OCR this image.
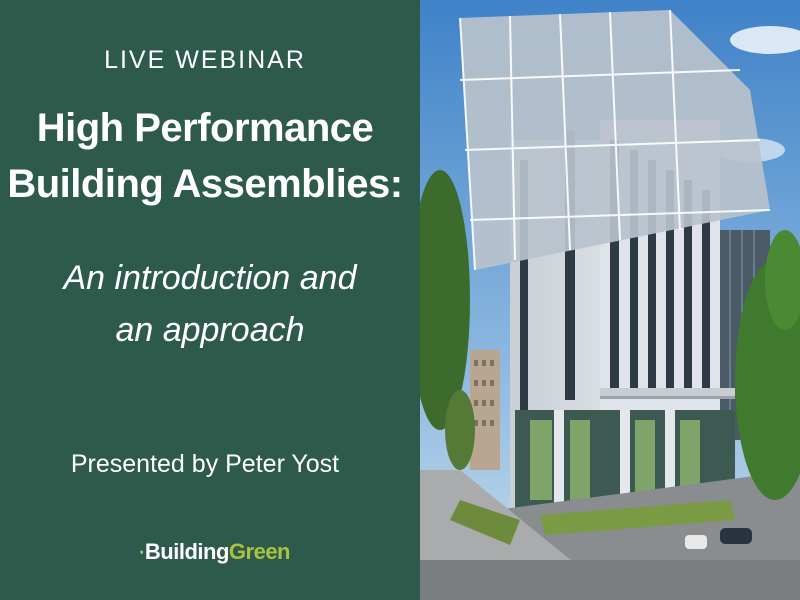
LIVE WEBINAR
High Performance
Building Assemblies:
An introduction and
an approach
Presented by Peter Yost
BuildingGreen
